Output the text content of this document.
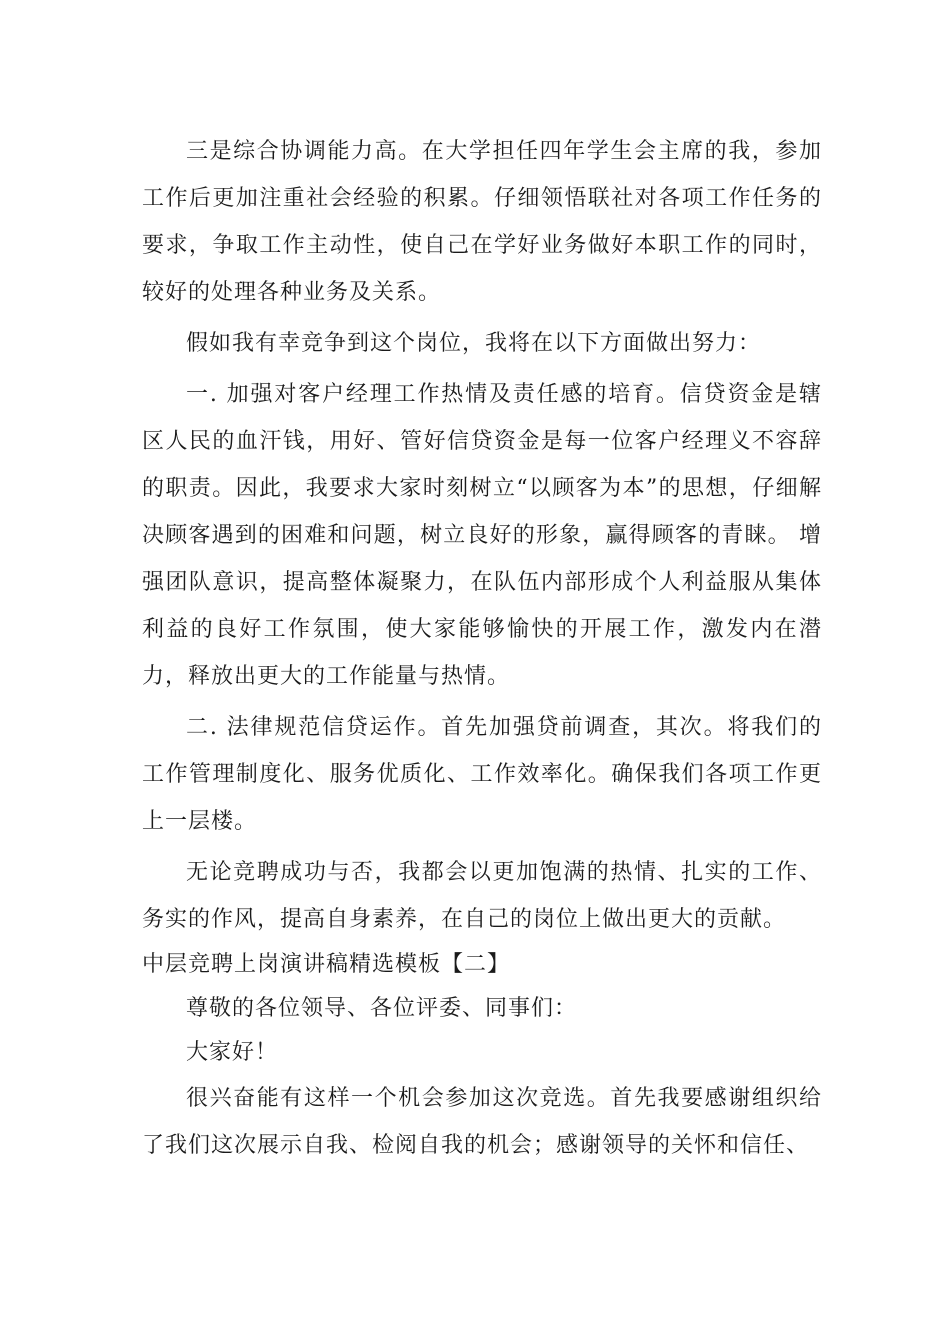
三是综合协调能力高。在大学担任四年学生会主席的我，参加工作后更加注重社会经验的积累。仔细领悟联社对各项工作任务的要求，争取工作主动性，使自己在学好业务做好本职工作的同时，较好的处理各种业务及关系。

假如我有幸竞争到这个岗位，我将在以下方面做出努力：

一. 加强对客户经理工作热情及责任感的培育。信贷资金是辖区人民的血汗钱，用好、管好信贷资金是每一位客户经理义不容辞的职责。因此，我要求大家时刻树立“以顾客为本”的思想，仔细解决顾客遇到的困难和问题，树立良好的形象，赢得顾客的青睐。 增强团队意识，提高整体凝聚力，在队伍内部形成个人利益服从集体利益的良好工作氛围，使大家能够愉快的开展工作，激发内在潜力，释放出更大的工作能量与热情。

二. 法律规范信贷运作。首先加强贷前调查，其次。将我们的工作管理制度化、服务优质化、工作效率化。确保我们各项工作更上一层楼。

无论竞聘成功与否，我都会以更加饱满的热情、扎实的工作、务实的作风，提高自身素养，在自己的岗位上做出更大的贡献。

中层竞聘上岗演讲稿精选模板【二】

尊敬的各位领导、各位评委、同事们：

大家好！

很兴奋能有这样一个机会参加这次竞选。首先我要感谢组织给了我们这次展示自我、检阅自我的机会；感谢领导的关怀和信任、
